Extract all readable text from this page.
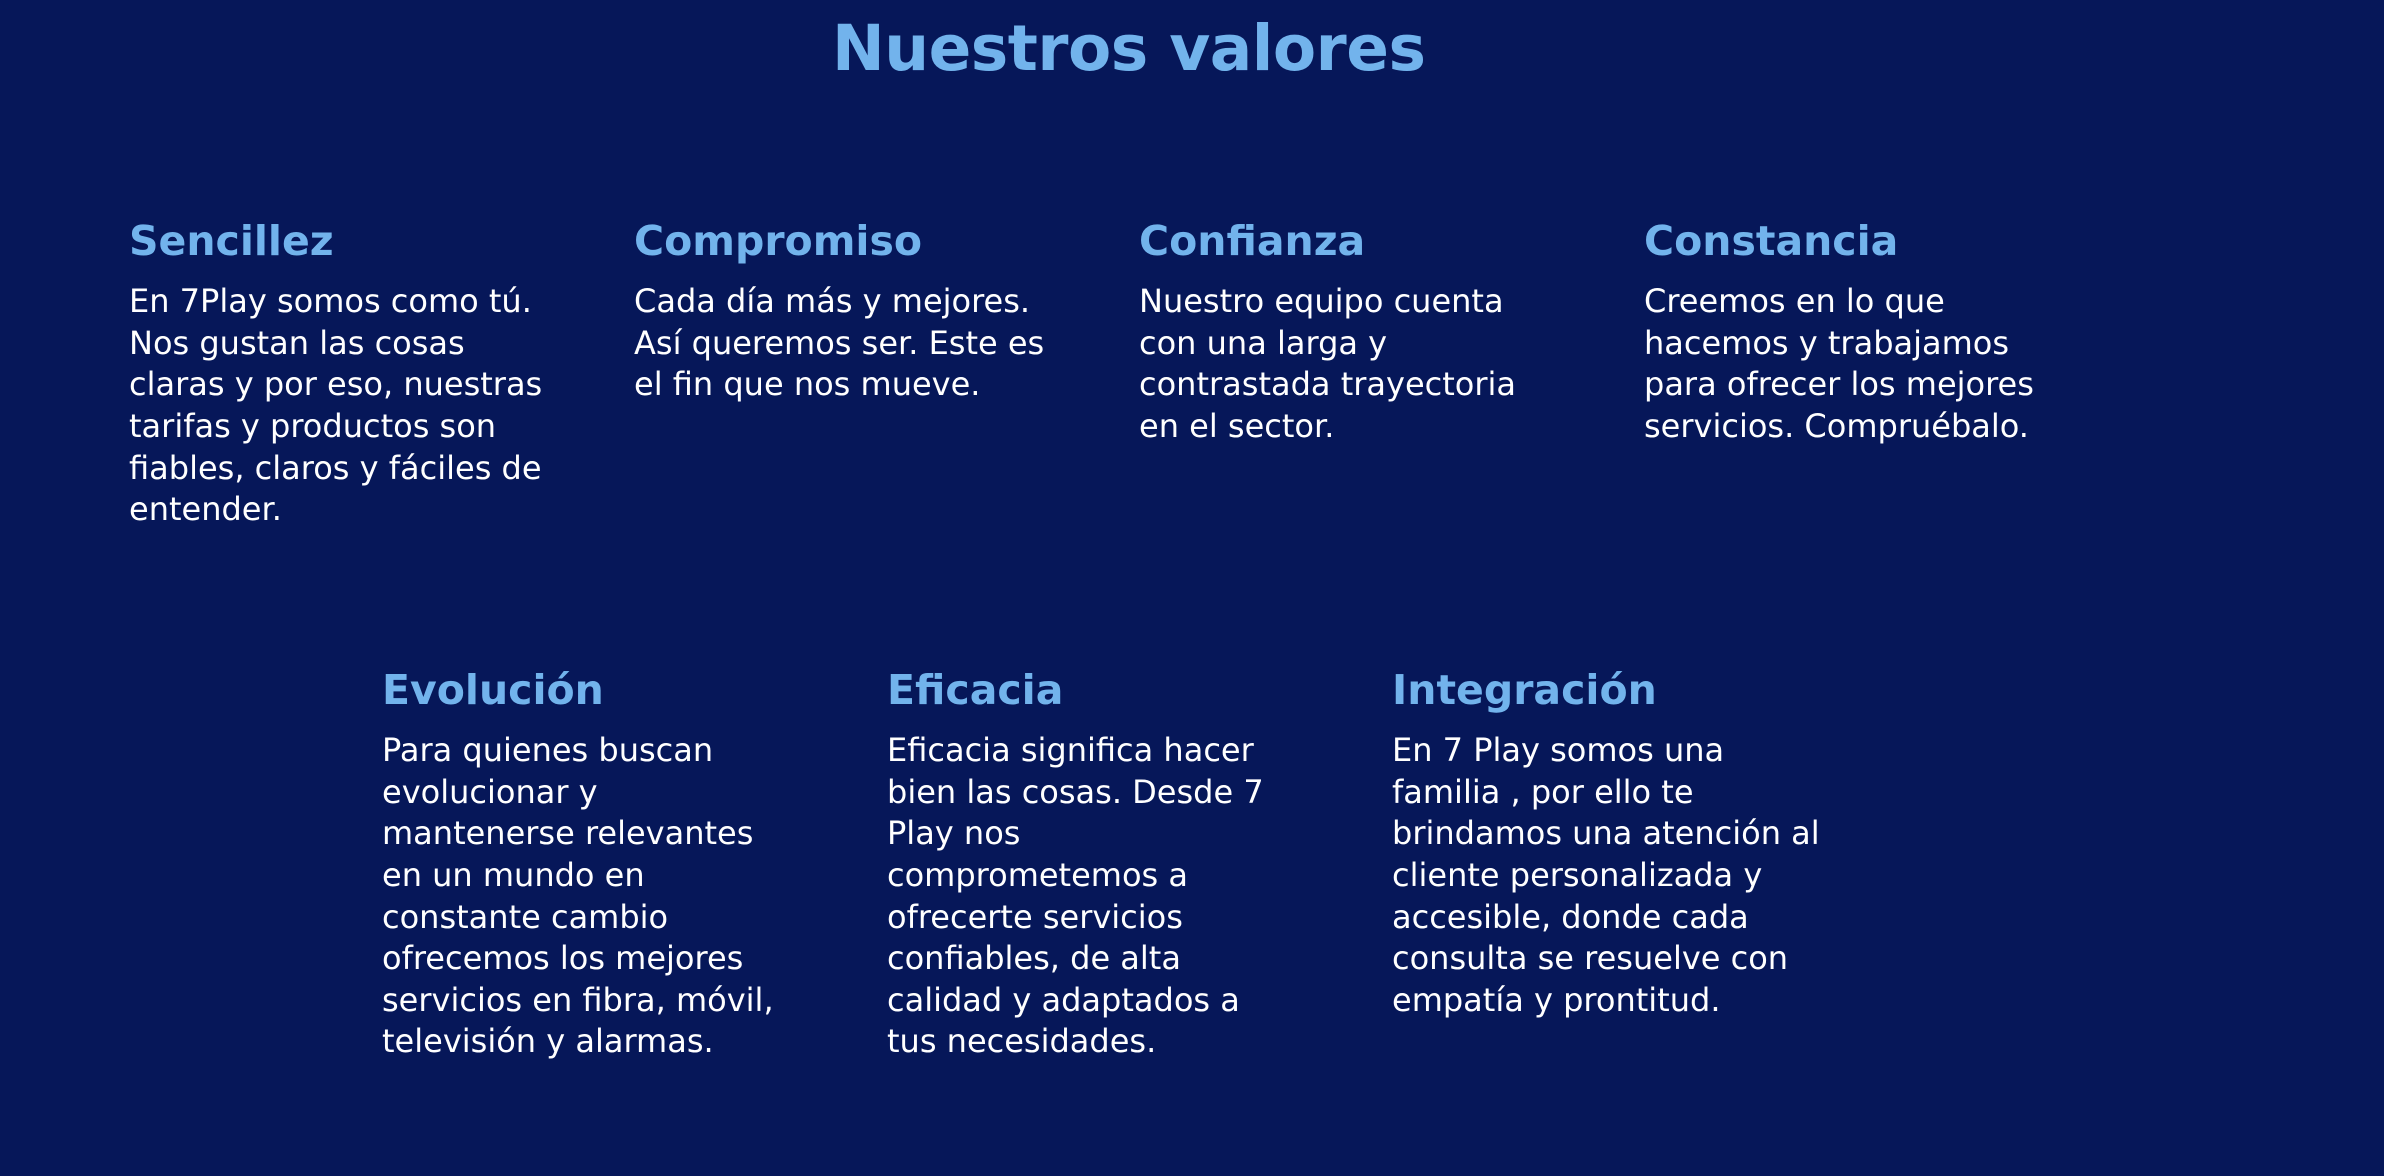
Nuestros valores
Sencillez

En 7Play somos como tú. Nos gustan las cosas claras y por eso, nuestras tarifas y productos son fiables, claros y fáciles de entender.

Compromiso

Cada día más y mejores. Así queremos ser. Este es el fin que nos mueve.

Confianza

Nuestro equipo cuenta con una larga y contrastada trayectoria en el sector.

Constancia

Creemos en lo que hacemos y trabajamos para ofrecer los mejores servicios. Compruébalo.

Evolución

Para quienes buscan evolucionar y mantenerse relevantes en un mundo en constante cambio ofrecemos los mejores servicios en fibra, móvil, televisión y alarmas.

Eficacia

Eficacia significa hacer bien las cosas. Desde 7 Play nos comprometemos a ofrecerte servicios confiables, de alta calidad y adaptados a tus necesidades.

Integración

En 7 Play somos una familia , por ello te brindamos una atención al cliente personalizada y accesible, donde cada consulta se resuelve con empatía y prontitud.
